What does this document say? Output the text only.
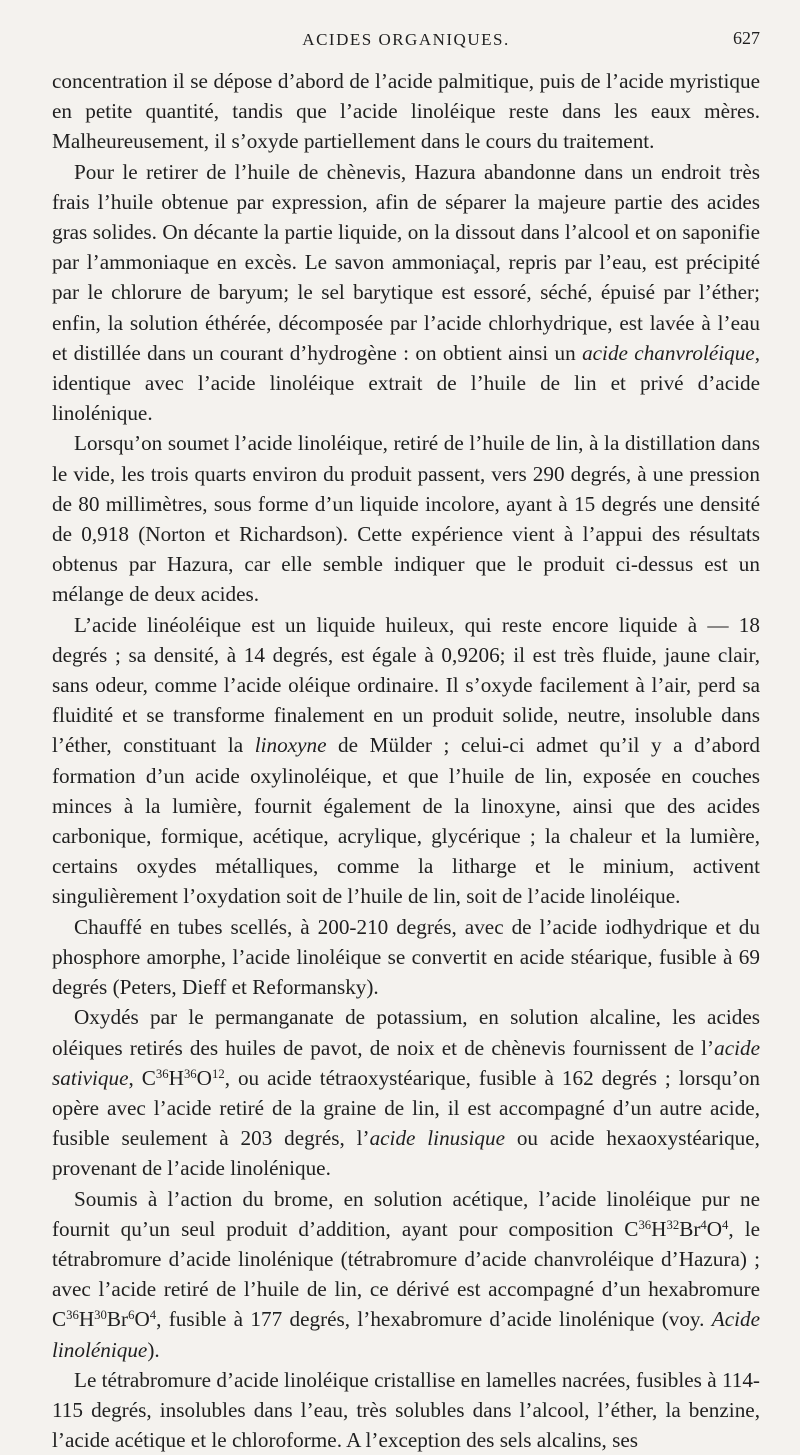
ACIDES ORGANIQUES.	627

concentration il se dépose d’abord de l’acide palmitique, puis de l’acide myristique en petite quantité, tandis que l’acide linoléique reste dans les eaux mères. Malheureusement, il s’oxyde partiellement dans le cours du traitement.

Pour le retirer de l’huile de chènevis, Hazura abandonne dans un endroit très frais l’huile obtenue par expression, afin de séparer la majeure partie des acides gras solides. On décante la partie liquide, on la dissout dans l’alcool et on saponifie par l’ammoniaque en excès. Le savon ammoniaçal, repris par l’eau, est précipité par le chlorure de baryum; le sel barytique est essoré, séché, épuisé par l’éther; enfin, la solution éthérée, décomposée par l’acide chlorhydrique, est lavée à l’eau et distillée dans un courant d’hydrogène : on obtient ainsi un acide chanvroléique, identique avec l’acide linoléique extrait de l’huile de lin et privé d’acide linolénique.

Lorsqu’on soumet l’acide linoléique, retiré de l’huile de lin, à la distillation dans le vide, les trois quarts environ du produit passent, vers 290 degrés, à une pression de 80 millimètres, sous forme d’un liquide incolore, ayant à 15 degrés une densité de 0,918 (Norton et Richardson). Cette expérience vient à l’appui des résultats obtenus par Hazura, car elle semble indiquer que le produit ci-dessus est un mélange de deux acides.

L’acide linéoléique est un liquide huileux, qui reste encore liquide à — 18 degrés ; sa densité, à 14 degrés, est égale à 0,9206; il est très fluide, jaune clair, sans odeur, comme l’acide oléique ordinaire. Il s’oxyde facilement à l’air, perd sa fluidité et se transforme finalement en un produit solide, neutre, insoluble dans l’éther, constituant la linoxyne de Mülder ; celui-ci admet qu’il y a d’abord formation d’un acide oxylinoléique, et que l’huile de lin, exposée en couches minces à la lumière, fournit également de la linoxyne, ainsi que des acides carbonique, formique, acétique, acrylique, glycérique ; la chaleur et la lumière, certains oxydes métalliques, comme la litharge et le minium, activent singulièrement l’oxydation soit de l’huile de lin, soit de l’acide linoléique.

Chauffé en tubes scellés, à 200-210 degrés, avec de l’acide iodhydrique et du phosphore amorphe, l’acide linoléique se convertit en acide stéarique, fusible à 69 degrés (Peters, Dieff et Reformansky).

Oxydés par le permanganate de potassium, en solution alcaline, les acides oléiques retirés des huiles de pavot, de noix et de chènevis fournissent de l’acide sativique, $C^{36}H^{36}O^{12}$, ou acide tétraoxystéarique, fusible à 162 degrés ; lorsqu’on opère avec l’acide retiré de la graine de lin, il est accompagné d’un autre acide, fusible seulement à 203 degrés, l’acide linusique ou acide hexaoxystéarique, provenant de l’acide linolénique.

Soumis à l’action du brome, en solution acétique, l’acide linoléique pur ne fournit qu’un seul produit d’addition, ayant pour composition $C^{36}H^{32}Br^4O^4$, le tétrabromure d’acide linolénique (tétrabromure d’acide chanvroléique d’Hazura) ; avec l’acide retiré de l’huile de lin, ce dérivé est accompagné d’un hexabromure $C^{36}H^{30}Br^6O^4$, fusible à 177 degrés, l’hexabromure d’acide linolénique (voy. Acide linolénique).

Le tétrabromure d’acide linoléique cristallise en lamelles nacrées, fusibles à 114-115 degrés, insolubles dans l’eau, très solubles dans l’alcool, l’éther, la benzine, l’acide acétique et le chloroforme. A l’exception des sels alcalins, ses
